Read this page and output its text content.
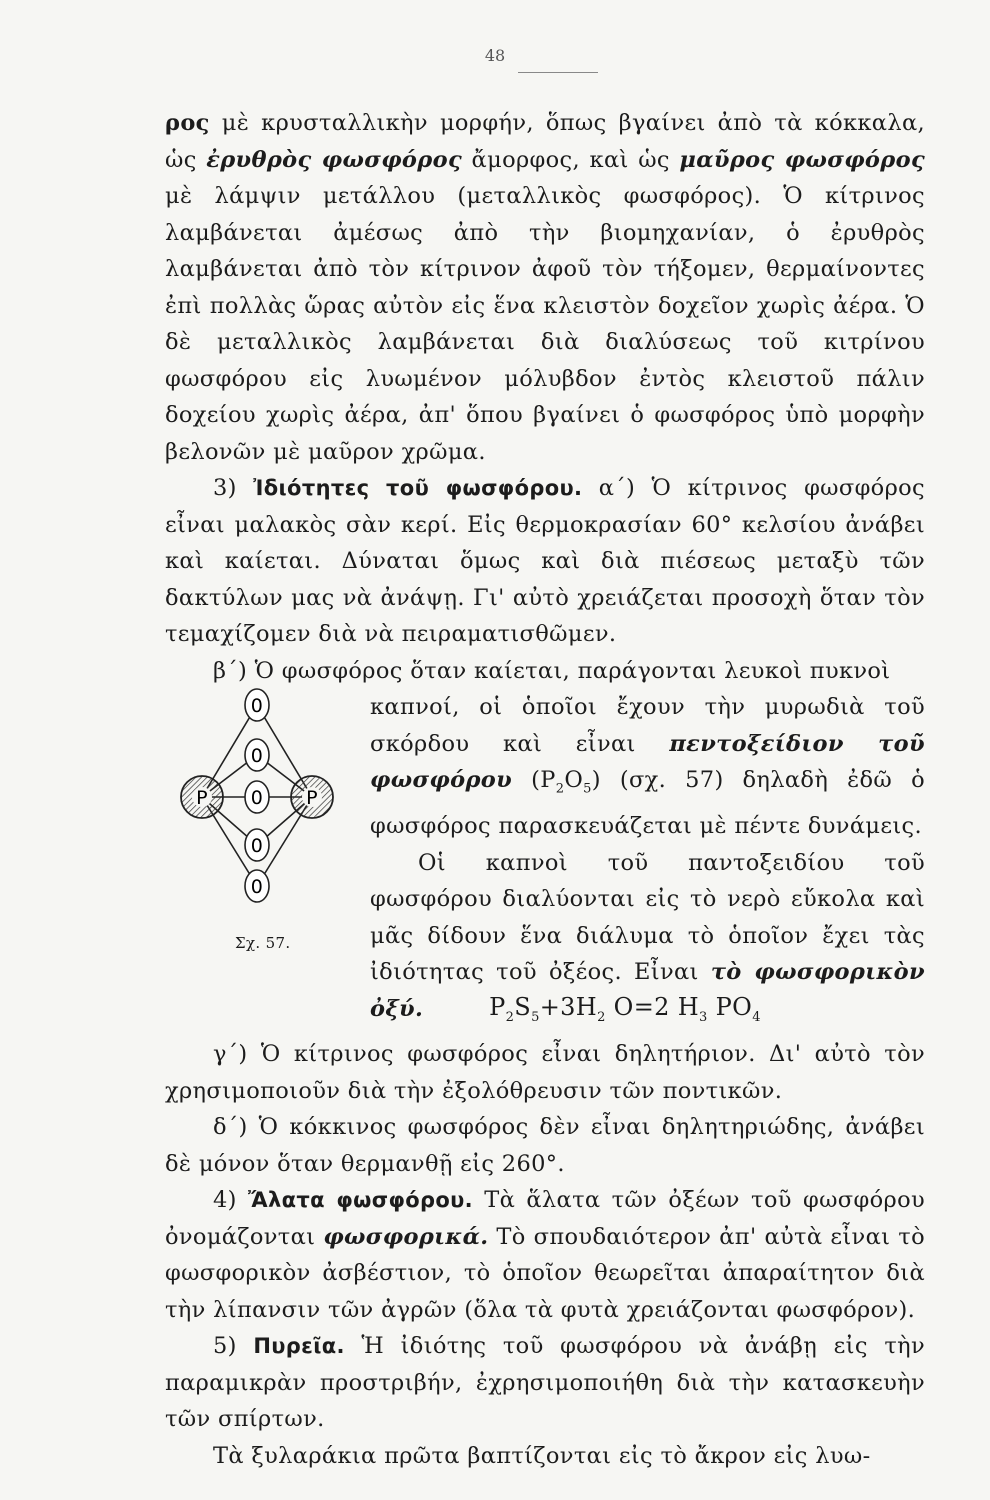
48

ρος μὲ κρυσταλλικὴν μορφήν, ὅπως βγαίνει ἀπὸ τὰ κόκκαλα, ὡς ἐρυθρὸς φωσφόρος ἄμορφος, καὶ ὡς μαῦρος φωσφόρος μὲ λάμψιν μετάλλου (μεταλλικὸς φωσφόρος). Ὁ κίτρινος λαμβάνεται ἀμέσως ἀπὸ τὴν βιομηχανίαν, ὁ ἐρυθρὸς λαμβάνεται ἀπὸ τὸν κίτρινον ἀφοῦ τὸν τήξομεν, θερμαίνοντες ἐπὶ πολλὰς ὥρας αὐτὸν εἰς ἕνα κλειστὸν δοχεῖον χωρὶς ἀέρα. Ὁ δὲ μεταλλικὸς λαμβάνεται διὰ διαλύσεως τοῦ κιτρίνου φωσφόρου εἰς λυωμένον μόλυβδον ἐντὸς κλειστοῦ πάλιν δοχείου χωρὶς ἀέρα, ἀπ' ὅπου βγαίνει ὁ φωσφόρος ὑπὸ μορφὴν βελονῶν μὲ μαῦρον χρῶμα.

3) Ἰδιότητες τοῦ φωσφόρου. α΄) Ὁ κίτρινος φωσφόρος εἶναι μαλακὸς σὰν κερί. Εἰς θερμοκρασίαν 60° κελσίου ἀνάβει καὶ καίεται. Δύναται ὅμως καὶ διὰ πιέσεως μεταξὺ τῶν δακτύλων μας νὰ ἀνάψῃ. Γι' αὐτὸ χρειάζεται προσοχὴ ὅταν τὸν τεμαχίζομεν διὰ νὰ πειραματισθῶμεν.

β΄) Ὁ φωσφόρος ὅταν καίεται, παράγονται λευκοὶ πυκνοὶ

0
0
P 0 P
0
0
Σχ. 57.

καπνοί, οἱ ὁποῖοι ἔχουν τὴν μυρωδιὰ τοῦ σκόρδου καὶ εἶναι πεντοξείδιον τοῦ φωσφόρου $(P_2O_5)$ (σχ. 57) δηλαδὴ ἐδῶ ὁ φωσφόρος παρασκευάζεται μὲ πέντε δυνάμεις.

Οἱ καπνοὶ τοῦ παντοξειδίου τοῦ φωσφόρου διαλύονται εἰς τὸ νερὸ εὔκολα καὶ μᾶς δίδουν ἕνα διάλυμα τὸ ὁποῖον ἔχει τὰς ἰδιότητας τοῦ ὀξέος. Εἶναι τὸ φωσφορικὸν ὀξύ.	$P_2S_5+3H_2$ O=2 $H_3$ $PO_4$

γ΄) Ὁ κίτρινος φωσφόρος εἶναι δηλητήριον. Δι' αὐτὸ τὸν χρησιμοποιοῦν διὰ τὴν ἐξολόθρευσιν τῶν ποντικῶν.

δ΄) Ὁ κόκκινος φωσφόρος δὲν εἶναι δηλητηριώδης, ἀνάβει δὲ μόνον ὅταν θερμανθῇ εἰς 260°.

4) Ἄλατα φωσφόρου. Τὰ ἅλατα τῶν ὀξέων τοῦ φωσφόρου ὀνομάζονται φωσφορικά. Τὸ σπουδαιότερον ἀπ' αὐτὰ εἶναι τὸ φωσφορικὸν ἀσβέστιον, τὸ ὁποῖον θεωρεῖται ἀπαραίτητον διὰ τὴν λίπανσιν τῶν ἀγρῶν (ὅλα τὰ φυτὰ χρειάζονται φωσφόρον).

5) Πυρεῖα. Ἡ ἰδιότης τοῦ φωσφόρου νὰ ἀνάβῃ εἰς τὴν παραμικρὰν προστριβήν, ἐχρησιμοποιήθη διὰ τὴν κατασκευὴν τῶν σπίρτων.

Τὰ ξυλαράκια πρῶτα βαπτίζονται εἰς τὸ ἄκρον εἰς λυω-
